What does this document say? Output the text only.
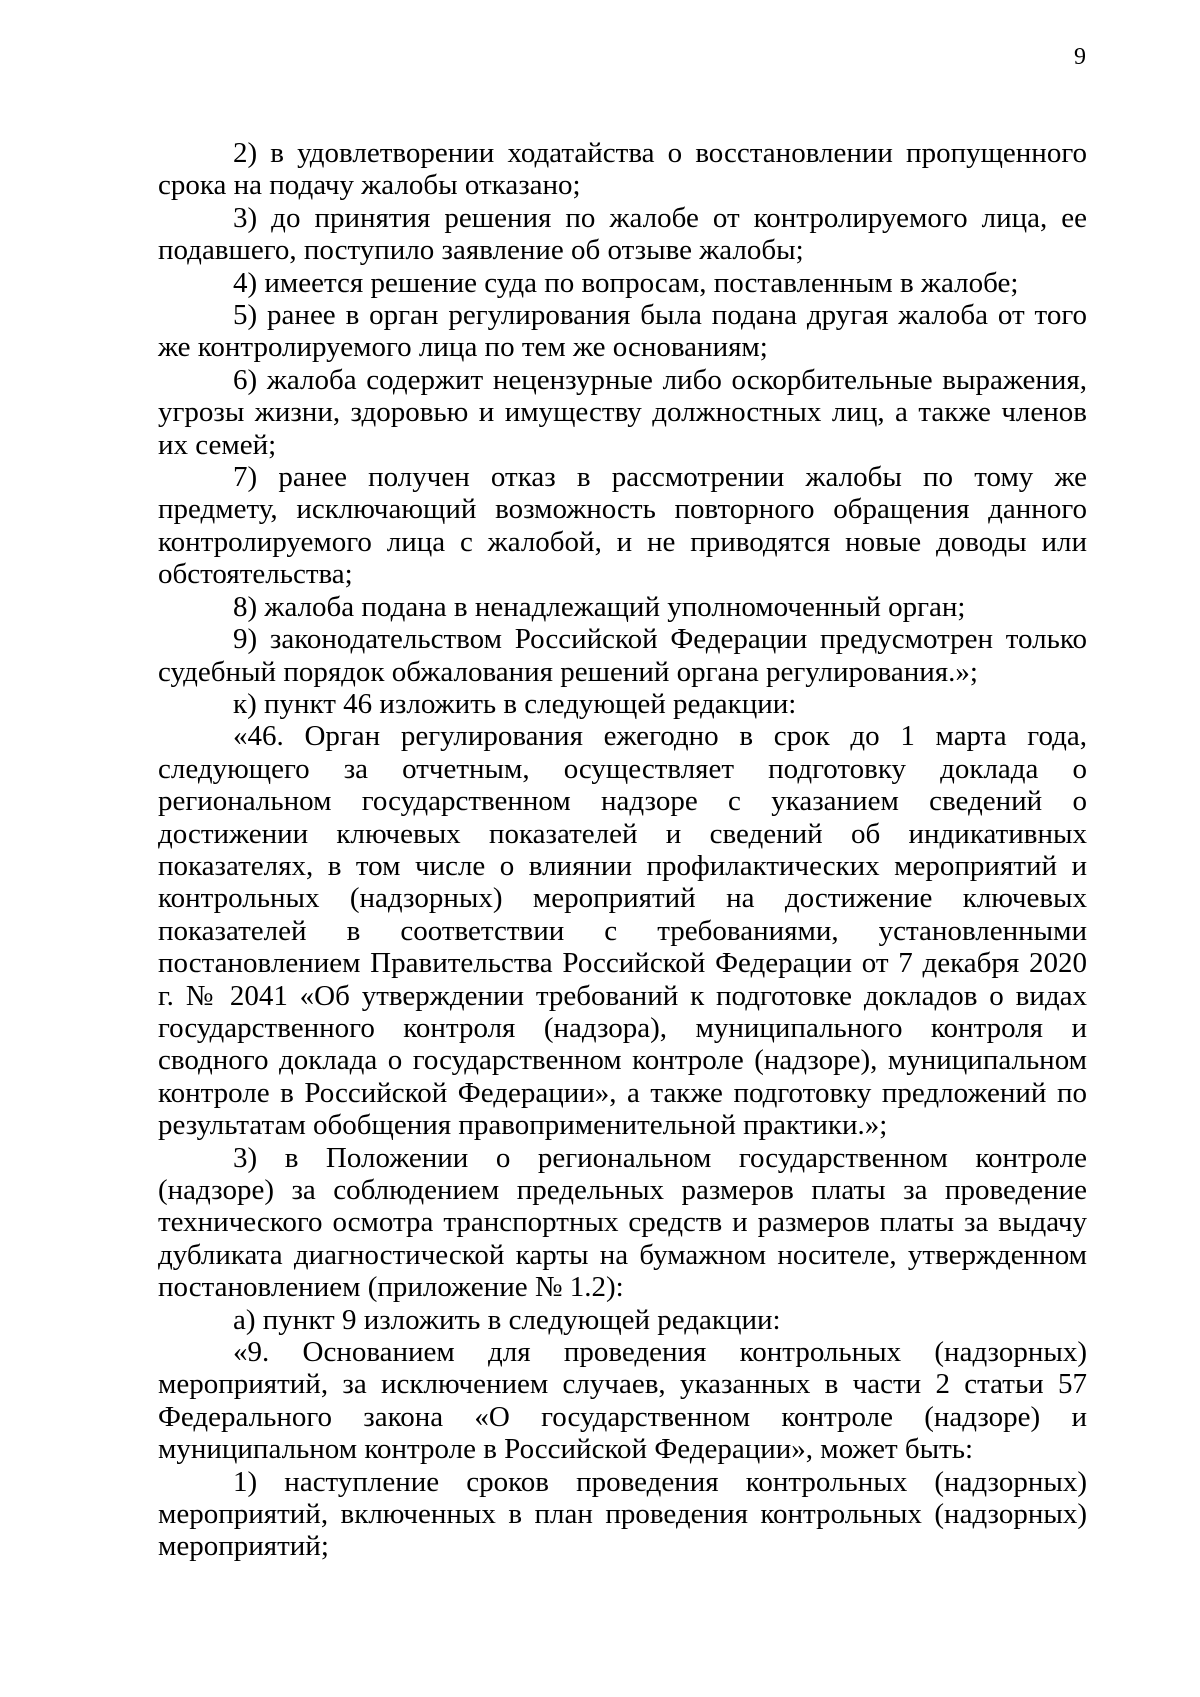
9

2) в удовлетворении ходатайства о восстановлении пропущенного срока на подачу жалобы отказано;

3) до принятия решения по жалобе от контролируемого лица, ее подавшего, поступило заявление об отзыве жалобы;

4) имеется решение суда по вопросам, поставленным в жалобе;

5) ранее в орган регулирования была подана другая жалоба от того же контролируемого лица по тем же основаниям;

6) жалоба содержит нецензурные либо оскорбительные выражения, угрозы жизни, здоровью и имуществу должностных лиц, а также членов их семей;

7) ранее получен отказ в рассмотрении жалобы по тому же предмету, исключающий возможность повторного обращения данного контролируемого лица с жалобой, и не приводятся новые доводы или обстоятельства;

8) жалоба подана в ненадлежащий уполномоченный орган;

9) законодательством Российской Федерации предусмотрен только судебный порядок обжалования решений органа регулирования.»;

к) пункт 46 изложить в следующей редакции:

«46. Орган регулирования ежегодно в срок до 1 марта года, следующего за отчетным, осуществляет подготовку доклада о региональном государственном надзоре с указанием сведений о достижении ключевых показателей и сведений об индикативных показателях, в том числе о влиянии профилактических мероприятий и контрольных (надзорных) мероприятий на достижение ключевых показателей в соответствии с требованиями, установленными постановлением Правительства Российской Федерации от 7 декабря 2020 г. № 2041 «Об утверждении требований к подготовке докладов о видах государственного контроля (надзора), муниципального контроля и сводного доклада о государственном контроле (надзоре), муниципальном контроле в Российской Федерации», а также подготовку предложений по результатам обобщения правоприменительной практики.»;

3) в Положении о региональном государственном контроле (надзоре) за соблюдением предельных размеров платы за проведение технического осмотра транспортных средств и размеров платы за выдачу дубликата диагностической карты на бумажном носителе, утвержденном постановлением (приложение № 1.2):

а) пункт 9 изложить в следующей редакции:

«9. Основанием для проведения контрольных (надзорных) мероприятий, за исключением случаев, указанных в части 2 статьи 57 Федерального закона «О государственном контроле (надзоре) и муниципальном контроле в Российской Федерации», может быть:

1) наступление сроков проведения контрольных (надзорных) мероприятий, включенных в план проведения контрольных (надзорных) мероприятий;
